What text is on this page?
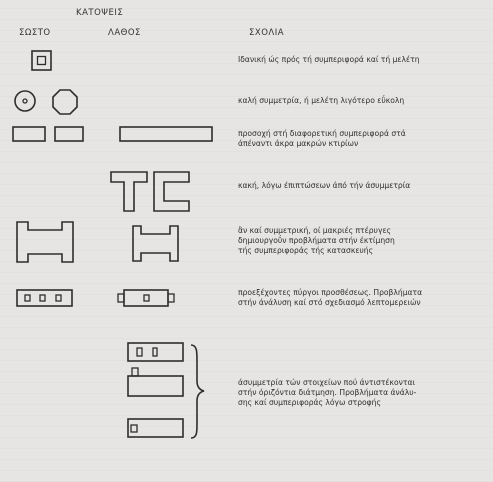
ΚΑΤΟΨΕΙΣ
ΣΩΣΤΟ	ΛΑΘΟΣ	ΣΧΟΛΙΑ
Ιδανική ώς πρός τή συμπεριφορά καί τή μελέτη
καλή συμμετρία, ή μελέτη λιγότερο εΰκολη
προσοχή στή διαφορετική συμπεριφορά στά
άπέναντι άκρα μακρών κτιρίων
κακή, λόγω έπιπτώσεων άπό τήν άσυμμετρία
ἂν καί συμμετρική, οί μακριές πτέρυγες
δημιουργοΰν προβλήματα στήν έκτίμηση
τής συμπεριφοράς τής κατασκευής
προεξέχοντες πύργοι προσθέσεως. Προβλήματα
στήν άνάλυση καί στό σχεδιασμό λεπτομερειών
άσυμμετρία τών στοιχείων πού άντιστέκονται
στήν όριζόντια διάτμηση. Προβλήματα άνάλυ-
σης καί συμπεριφοράς λόγω στροφής
